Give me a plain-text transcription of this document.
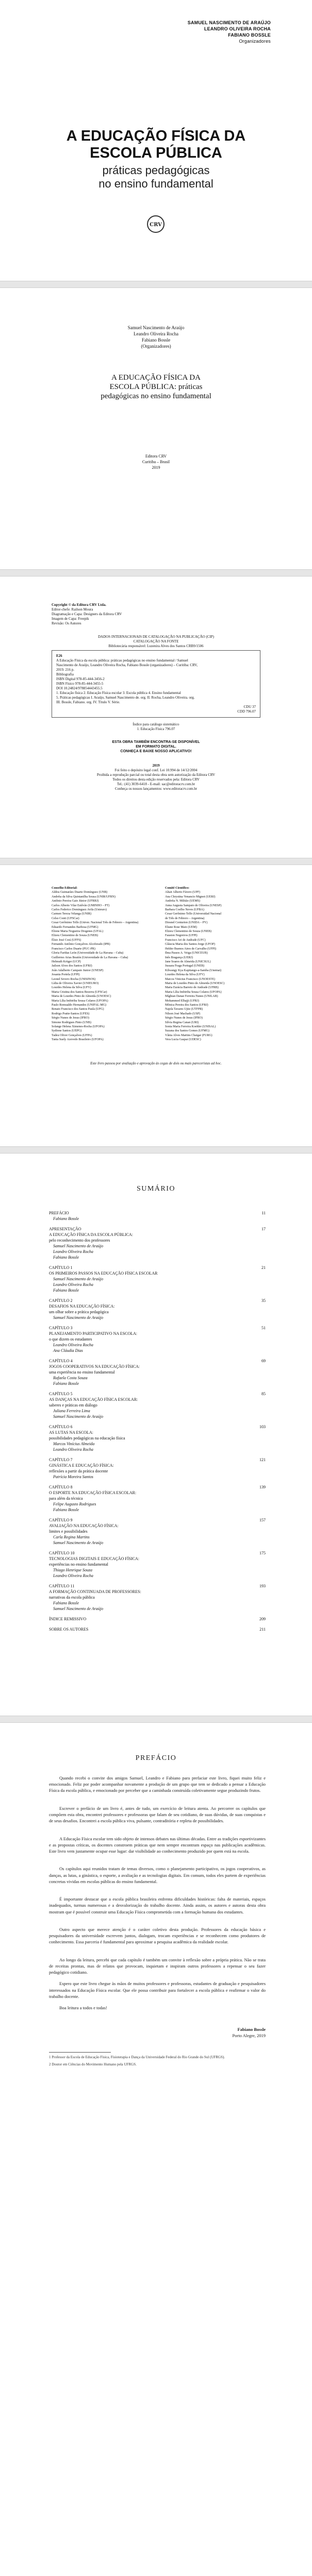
SAMUEL NASCIMENTO DE ARAÚJO
LEANDRO OLIVEIRA ROCHA
FABIANO BOSSLE
Organizadores
A EDUCAÇÃO FÍSICA DA
ESCOLA PÚBLICA
práticas pedagógicas
no ensino fundamental
CRV
Samuel Nascimento de Araújo
Leandro Oliveira Rocha
Fabiano Bossle
(Organizadores)
A EDUCAÇÃO FÍSICA DA
ESCOLA PÚBLICA: práticas
pedagógicas no ensino fundamental
Editora CRV
Curitiba – Brasil
2019
Copyright © da Editora CRV Ltda.
Editor-chefe: Railson Moura
Diagramação e Capa: Designers da Editora CRV
Imagem de Capa: Freepik
Revisão: Os Autores
DADOS INTERNACIONAIS DE CATALOGAÇÃO NA PUBLICAÇÃO (CIP)
CATALOGAÇÃO NA FONTE
Bibliotecária responsável: Luzenira Alves dos Santos CRB9/1506
E26
A Educação Física da escola pública: práticas pedagógicas no ensino fundamental / Samuel
Nascimento de Araújo, Leandro Oliveira Rocha, Fabiano Bossle (organizadores) – Curitiba: CRV,
2019. 216 p.
Bibliografia
ISBN Digital 978-85-444-3456-2
ISBN Físico 978-85-444-3455-5
DOI 10.24824/978854443455.5
1. Educação física 2. Educação Física escolar 3. Escola pública 4. Ensino fundamental
5. Práticas pedagógicas I. Araújo, Samuel Nascimento de. org. II. Rocha, Leandro Oliveira. org.
III. Bossle, Fabiano. org. IV. Título V. Série.
CDU 37
CDD 796.07
Índice para catálogo sistemático
1. Educação Física 796.07
ESTA OBRA TAMBÉM ENCONTRA-SE DISPONÍVEL
EM FORMATO DIGITAL.
CONHEÇA E BAIXE NOSSO APLICATIVO!
2019
Foi feito o depósito legal conf. Lei 10.994 de 14/12/2004
Proibida a reprodução parcial ou total desta obra sem autorização da Editora CRV
Todos os direitos desta edição reservados pela: Editora CRV
Tel.: (41) 3039-6418 - E-mail: sac@editoracrv.com.br
Conheça os nossos lançamentos: www.editoracrv.com.br
Conselho Editorial:
Aldira Guimarães Duarte Domínguez (UNB)
Andréia da Silva Quintanilha Sousa (UNIR/UFRN)
Antônio Pereira Gaio Júnior (UFRRJ)
Carlos Alberto Vilar Estêvão (UMINHO – PT)
Carlos Federico Dominguez Avila (Unieuro)
Carmen Tereza Velanga (UNIR)
Celso Conti (UFSCar)
Cesar Gerônimo Tello (Univer. Nacional Três de Febrero – Argentina)
Eduardo Fernandes Barbosa (UFMG)
Elione Maria Nogueira Diogenes (UFAL)
Elizeu Clementino de Souza (UNEB)
Élsio José Corá (UFFS)
Fernando Antônio Gonçalves Alcoforado (IPB)
Francisco Carlos Duarte (PUC-PR)
Gloria Fariñas León (Universidade de La Havana – Cuba)
Guillermo Arias Beatón (Universidade de La Havana – Cuba)
Helmuth Krüger (UCP)
Jailson Alves dos Santos (UFRJ)
João Adalberto Campato Junior (UNESP)
Josania Portela (UFPI)
Leonel Severo Rocha (UNISINOS)
Lídia de Oliveira Xavier (UNIEURO)
Lourdes Helena da Silva (UFV)
Maria Cristina dos Santos Bezerra (UFSCar)
Maria de Lourdes Pinto de Almeida (UNOESC)
Maria Lília Imbiriba Sousa Colares (UFOPA)
Paulo Romualdo Hernandes (UNIFAL-MG)
Renato Francisco dos Santos Paula (UFG)
Rodrigo Pratte-Santos (UFES)
Sérgio Nunes de Jesus (IFRO)
Simone Rodrigues Pinto (UNB)
Solange Helena Ximenes-Rocha (UFOPA)
Sydione Santos (UEPG)
Tadeu Oliver Gonçalves (UFPA)
Tania Suely Azevedo Brasileiro (UFOPA)
Comitê Científico:
Altair Alberto Fávero (UPF)
Ana Chrystina Venancio Mignot (UERJ)
Andréia N. Militão (UEMS)
Anna Augusta Sampaio de Oliveira (UNESP)
Barbara Coelho Neves (UFBA)
Cesar Gerônimo Tello (Universidad Nacional
de Três de Febrero – Argentina)
Diosnel Centurion (UNIDA – PY)
Eliane Rose Maio (UEM)
Elizeu Clementino de Souza (UNEB)
Fauston Negreiros (UFPI)
Francisco Ari de Andrade (UFC)
Gláucia Maria dos Santos Jorge (UFOP)
Helder Buenos Aires de Carvalho (UFPI)
Ilma Passos A. Veiga (UNICEUB)
Inês Bragança (UERJ)
Jane Soares de Almeida (UNICSUL)
Jussara Fraga Portugal (UNEB)
Kilwangy Kya Kapitango-a-Samba (Unemat)
Lourdes Helena da Silva (UFV)
Marcos Vinicius Francisco (UNOESTE)
Maria de Lourdes Pinto de Almeida (UNOESC)
Maria Eurácia Barreto de Andrade (UFRB)
Maria Lília Imbiriba Sousa Colares (UFOPA)
Míghian Danae Ferreira Nunes (UNILAB)
Mohammed Elhajji (UFRJ)
Mônica Pereira dos Santos (UFRJ)
Najela Tavares Ujiie (UTFPR)
Nilson José Machado (USP)
Sérgio Nunes de Jesus (IFRO)
Silvia Regina Canan (URI)
Sonia Maria Ferreira Koehler (UNISAL)
Suzana dos Santos Gomes (UFMG)
Vânia Alves Martins Chaigar (FURG)
Vera Lucia Gaspar (UDESC)
Este livro passou por avaliação e aprovação às cegas de dois ou mais pareceristas ad hoc.
SUMÁRIO
PREFÁCIO	11
Fabiano Bossle
APRESENTAÇÃO	17
A EDUCAÇÃO FÍSICA DA ESCOLA PÚBLICA:
pelo reconhecimento dos professores
Samuel Nascimento de Araújo
Leandro Oliveira Rocha
Fabiano Bossle
CAPÍTULO 1	21
OS PRIMEIROS PASSOS NA EDUCAÇÃO FÍSICA ESCOLAR
Samuel Nascimento de Araújo
Leandro Oliveira Rocha
Fabiano Bossle
CAPÍTULO 2	35
DESAFIOS NA EDUCAÇÃO FÍSICA:
um olhar sobre a prática pedagógica
Samuel Nascimento de Araújo
CAPÍTULO 3	51
PLANEJAMENTO PARTICIPATIVO NA ESCOLA:
o que dizem os estudantes
Leandro Oliveira Rocha
Ana Cláudia Dias
CAPÍTULO 4	69
JOGOS COOPERATIVOS NA EDUCAÇÃO FÍSICA:
uma experiência no ensino fundamental
Rafaela Costa Souza
Fabiano Bossle
CAPÍTULO 5	85
AS DANÇAS NA EDUCAÇÃO FÍSICA ESCOLAR:
saberes e práticas em diálogo
Juliana Ferreira Lima
Samuel Nascimento de Araújo
CAPÍTULO 6	103
AS LUTAS NA ESCOLA:
possibilidades pedagógicas na educação física
Marcos Vinícius Almeida
Leandro Oliveira Rocha
CAPÍTULO 7	121
GINÁSTICA E EDUCAÇÃO FÍSICA:
reflexões a partir da prática docente
Patrícia Moreira Santos
CAPÍTULO 8	139
O ESPORTE NA EDUCAÇÃO FÍSICA ESCOLAR:
para além da técnica
Felipe Augusto Rodrigues
Fabiano Bossle
CAPÍTULO 9	157
AVALIAÇÃO NA EDUCAÇÃO FÍSICA:
limites e possibilidades
Carla Regina Martins
Samuel Nascimento de Araújo
CAPÍTULO 10	175
TECNOLOGIAS DIGITAIS E EDUCAÇÃO FÍSICA:
experiências no ensino fundamental
Thiago Henrique Souza
Leandro Oliveira Rocha
CAPÍTULO 11	193
A FORMAÇÃO CONTINUADA DE PROFESSORES:
narrativas da escola pública
Fabiano Bossle
Samuel Nascimento de Araújo
ÍNDICE REMISSIVO	209
SOBRE OS AUTORES	211
PREFÁCIO
Quando recebi o convite dos amigos Samuel, Leandro e Fabiano para prefaciar este livro, fiquei muito feliz e emocionado. Feliz por poder acompanhar novamente a produção de um grupo que tem se dedicado a pensar a Educação Física da escola pública, e emocionado por perceber que a caminhada construída coletivamente segue produzindo frutos.
Escrever o prefácio de um livro é, antes de tudo, um exercício de leitura atenta. Ao percorrer os capítulos que compõem esta obra, encontrei professores e professoras que falam de seu cotidiano, de suas dúvidas, de suas conquistas e de seus desafios. Encontrei a escola pública viva, pulsante, contraditória e repleta de possibilidades.
A Educação Física escolar tem sido objeto de intensos debates nas últimas décadas. Entre as tradições esportivizantes e as propostas críticas, os docentes constroem práticas que nem sempre encontram espaço nas publicações acadêmicas. Este livro vem justamente ocupar esse lugar: dar visibilidade ao conhecimento produzido por quem está na escola.
Os capítulos aqui reunidos tratam de temas diversos, como o planejamento participativo, os jogos cooperativos, as danças, as lutas, a ginástica, o esporte, a avaliação e as tecnologias digitais. Em comum, todos eles partem de experiências concretas vividas em escolas públicas do ensino fundamental.
É importante destacar que a escola pública brasileira enfrenta dificuldades históricas: falta de materiais, espaços inadequados, turmas numerosas e a desvalorização do trabalho docente. Ainda assim, os autores e autoras desta obra mostram que é possível construir uma Educação Física comprometida com a formação humana dos estudantes.
Outro aspecto que merece atenção é o caráter coletivo desta produção. Professores da educação básica e pesquisadores da universidade escrevem juntos, dialogam, trocam experiências e se reconhecem como produtores de conhecimento. Essa parceria é fundamental para aproximar a pesquisa acadêmica da realidade escolar.
Ao longo da leitura, percebi que cada capítulo é também um convite à reflexão sobre a própria prática. Não se trata de receitas prontas, mas de relatos que provocam, inquietam e inspiram outros professores a repensar o seu fazer pedagógico cotidiano.
Espero que este livro chegue às mãos de muitos professores e professoras, estudantes de graduação e pesquisadores interessados na Educação Física escolar. Que ele possa contribuir para fortalecer a escola pública e reafirmar o valor do trabalho docente.
Boa leitura a todos e todas!
Fabiano Bossle
Porto Alegre, 2019
1 Professor da Escola de Educação Física, Fisioterapia e Dança da Universidade Federal do Rio Grande do Sul (UFRGS).
2 Doutor em Ciências do Movimento Humano pela UFRGS.
